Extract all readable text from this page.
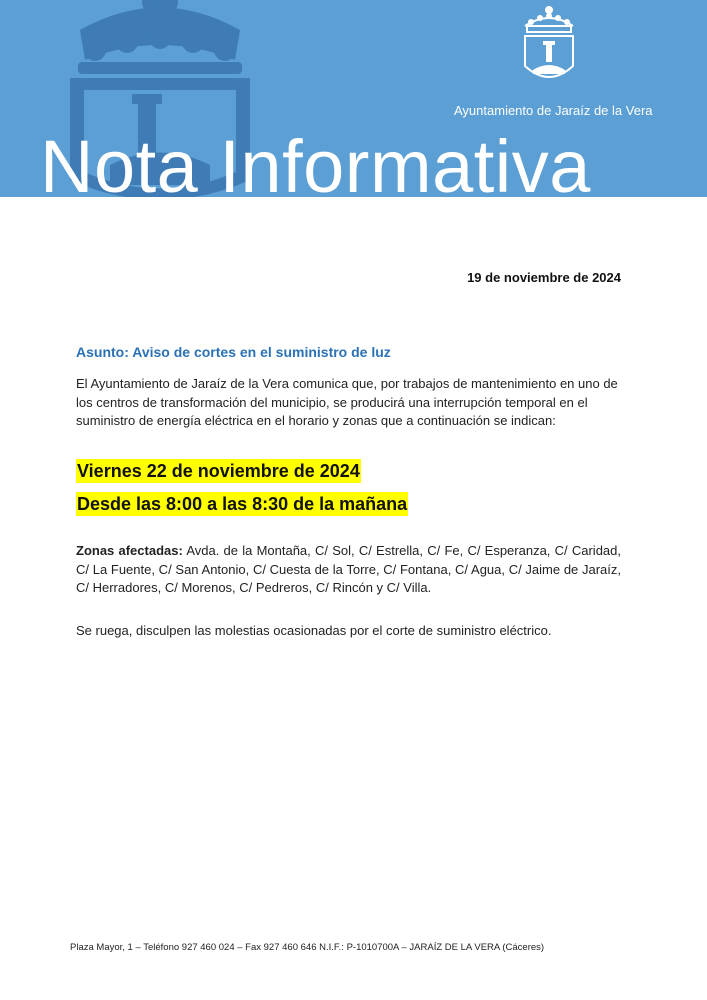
Ayuntamiento de Jaraíz de la Vera
Nota Informativa
19 de noviembre de 2024
Asunto: Aviso de cortes en el suministro de luz
El Ayuntamiento de Jaraíz de la Vera comunica que, por trabajos de mantenimiento en uno de los centros de transformación del municipio, se producirá una interrupción temporal en el suministro de energía eléctrica en el horario y zonas que a continuación se indican:
Viernes 22 de noviembre de 2024
Desde las 8:00 a las 8:30 de la mañana
Zonas afectadas: Avda. de la Montaña, C/ Sol, C/ Estrella, C/ Fe, C/ Esperanza, C/ Caridad, C/ La Fuente, C/ San Antonio, C/ Cuesta de la Torre, C/ Fontana, C/ Agua, C/ Jaime de Jaraíz, C/ Herradores, C/ Morenos, C/ Pedreros, C/ Rincón y C/ Villa.
Se ruega, disculpen las molestias ocasionadas por el corte de suministro eléctrico.
Plaza Mayor, 1 – Teléfono 927 460 024 – Fax 927 460 646 N.I.F.: P-1010700A – JARAÍZ DE LA VERA (Cáceres)
